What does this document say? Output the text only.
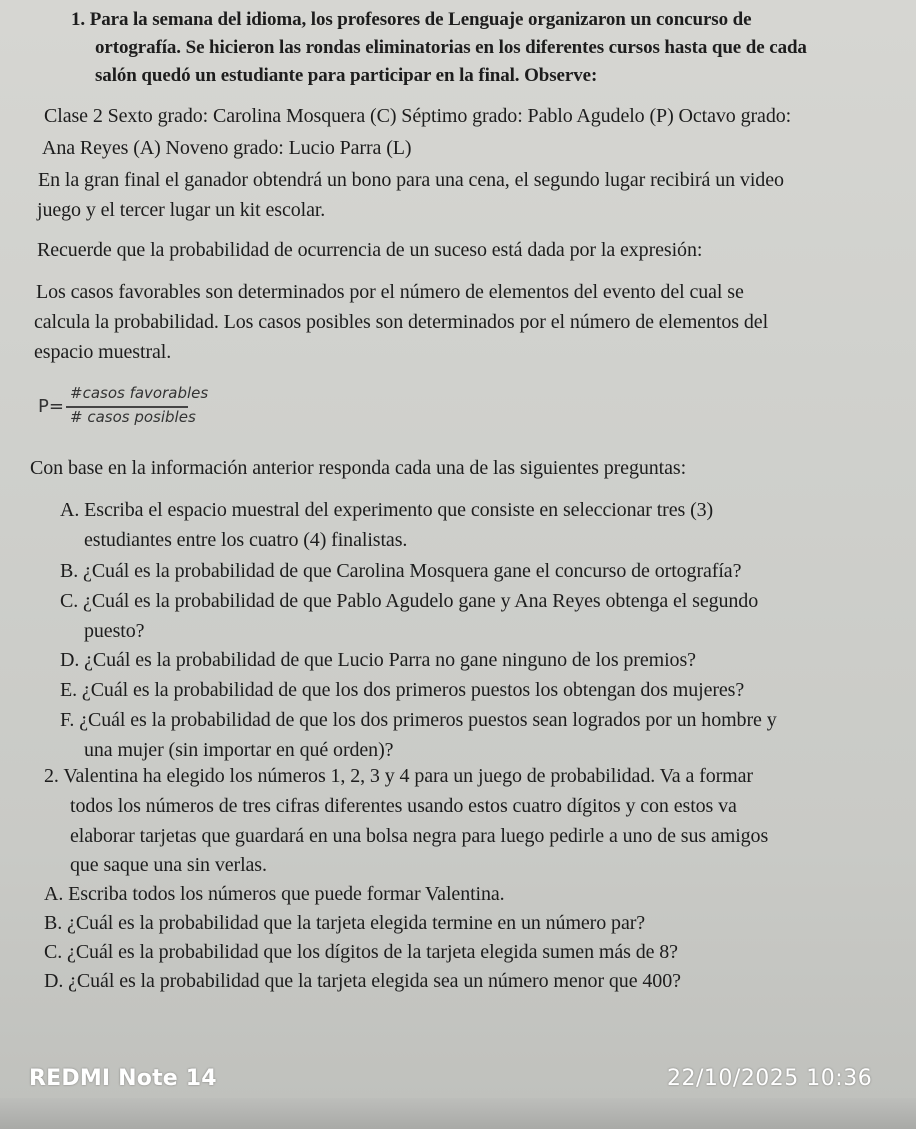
1. Para la semana del idioma, los profesores de Lenguaje organizaron un concurso de
ortografía. Se hicieron las rondas eliminatorias en los diferentes cursos hasta que de cada
salón quedó un estudiante para participar en la final. Observe:
Clase 2 Sexto grado: Carolina Mosquera (C) Séptimo grado: Pablo Agudelo (P) Octavo grado:
Ana Reyes (A) Noveno grado: Lucio Parra (L)
En la gran final el ganador obtendrá un bono para una cena, el segundo lugar recibirá un video
juego y el tercer lugar un kit escolar.
Recuerde que la probabilidad de ocurrencia de un suceso está dada por la expresión:
Los casos favorables son determinados por el número de elementos del evento del cual se
calcula la probabilidad. Los casos posibles son determinados por el número de elementos del
espacio muestral.
P=
#casos favorables
# casos posibles
Con base en la información anterior responda cada una de las siguientes preguntas:
A. Escriba el espacio muestral del experimento que consiste en seleccionar tres (3)
estudiantes entre los cuatro (4) finalistas.
B. ¿Cuál es la probabilidad de que Carolina Mosquera gane el concurso de ortografía?
C. ¿Cuál es la probabilidad de que Pablo Agudelo gane y Ana Reyes obtenga el segundo
puesto?
D. ¿Cuál es la probabilidad de que Lucio Parra no gane ninguno de los premios?
E. ¿Cuál es la probabilidad de que los dos primeros puestos los obtengan dos mujeres?
F. ¿Cuál es la probabilidad de que los dos primeros puestos sean logrados por un hombre y
una mujer (sin importar en qué orden)?
2. Valentina ha elegido los números 1, 2, 3 y 4 para un juego de probabilidad. Va a formar
todos los números de tres cifras diferentes usando estos cuatro dígitos y con estos va
elaborar tarjetas que guardará en una bolsa negra para luego pedirle a uno de sus amigos
que saque una sin verlas.
A. Escriba todos los números que puede formar Valentina.
B. ¿Cuál es la probabilidad que la tarjeta elegida termine en un número par?
C. ¿Cuál es la probabilidad que los dígitos de la tarjeta elegida sumen más de 8?
D. ¿Cuál es la probabilidad que la tarjeta elegida sea un número menor que 400?
REDMI Note 14	22/10/2025 10:36
